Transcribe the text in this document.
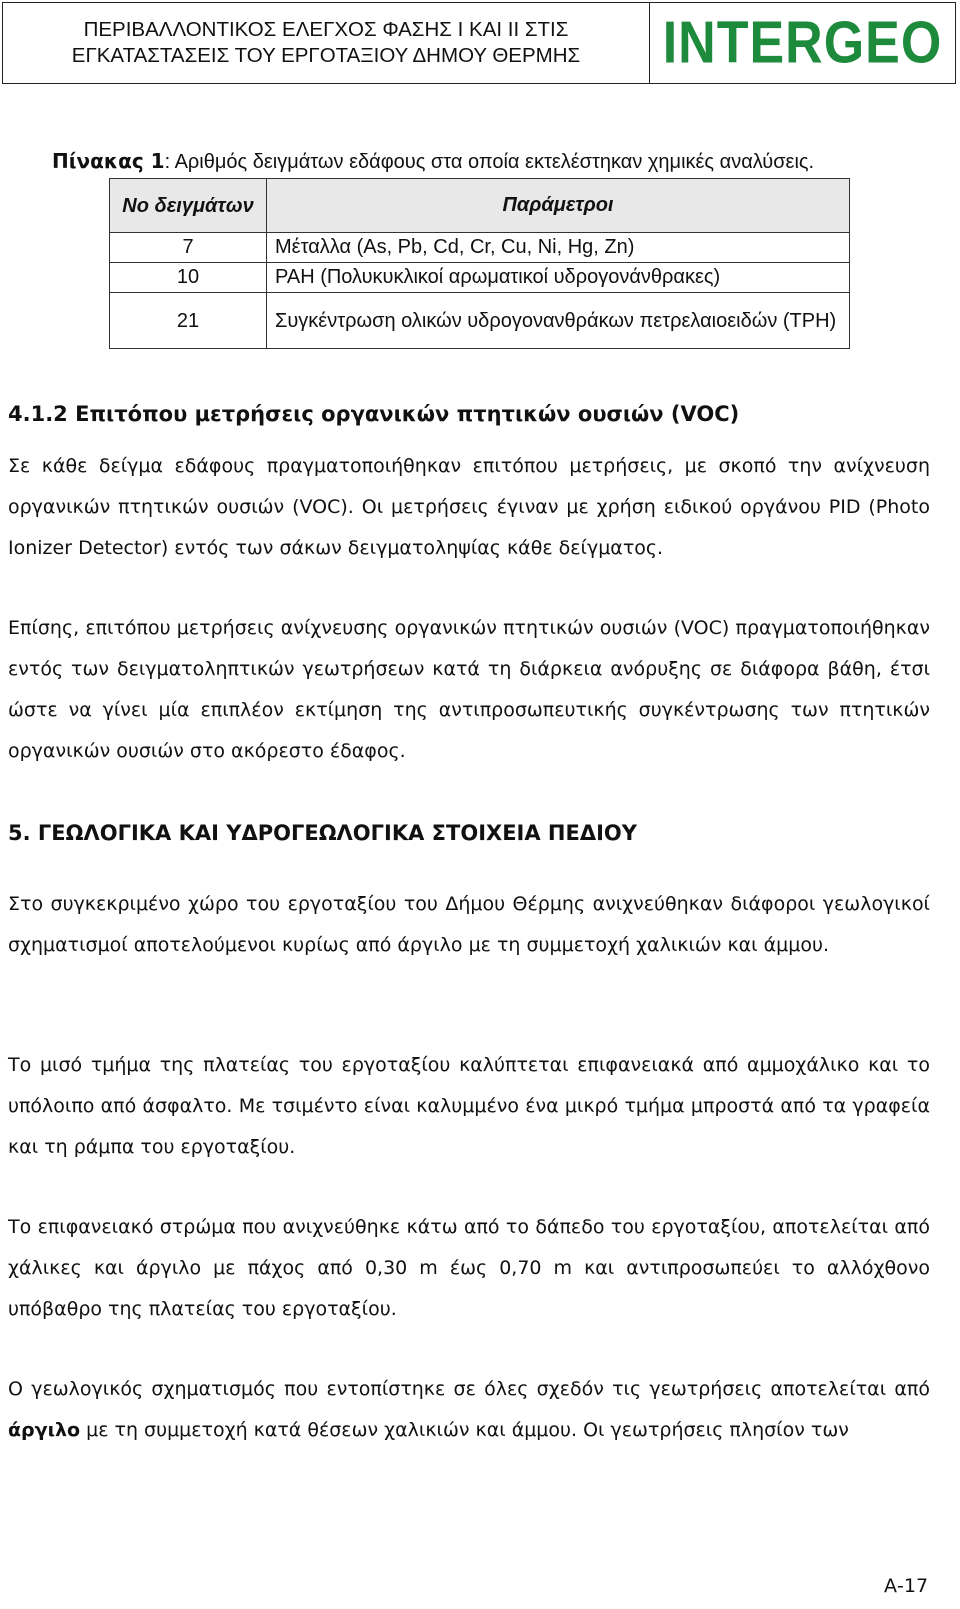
ΠΕΡΙΒΑΛΛΟΝΤΙΚΟΣ ΕΛΕΓΧΟΣ ΦΑΣΗΣ Ι ΚΑΙ ΙΙ ΣΤΙΣ
ΕΓΚΑΤΑΣΤΑΣΕΙΣ ΤΟΥ ΕΡΓΟΤΑΞΙΟΥ ΔΗΜΟΥ ΘΕΡΜΗΣ INTERGEO
Πίνακας 1: Αριθμός δειγμάτων εδάφους στα οποία εκτελέστηκαν χημικές αναλύσεις.
Νο δειγμάτων	Παράμετροι
7	Μέταλλα (As, Pb, Cd, Cr, Cu, Ni, Hg, Zn)
10	PAH (Πολυκυκλικοί αρωματικοί υδρογονάνθρακες)
21	Συγκέντρωση ολικών υδρογονανθράκων πετρελαιοειδών (TPH)
4.1.2 Επιτόπου μετρήσεις οργανικών πτητικών ουσιών (VOC)

Σε κάθε δείγμα εδάφους πραγματοποιήθηκαν επιτόπου μετρήσεις, με σκοπό την ανίχνευση οργανικών πτητικών ουσιών (VOC). Οι μετρήσεις έγιναν με χρήση ειδικού οργάνου PID (Photo Ionizer Detector) εντός των σάκων δειγματοληψίας κάθε δείγματος.

Επίσης, επιτόπου μετρήσεις ανίχνευσης οργανικών πτητικών ουσιών (VOC) πραγματοποιήθηκαν εντός των δειγματοληπτικών γεωτρήσεων κατά τη διάρκεια ανόρυξης σε διάφορα βάθη, έτσι ώστε να γίνει μία επιπλέον εκτίμηση της αντιπροσωπευτικής συγκέντρωσης των πτητικών οργανικών ουσιών στο ακόρεστο έδαφος.

5. ΓΕΩΛΟΓΙΚΑ ΚΑΙ ΥΔΡΟΓΕΩΛΟΓΙΚΑ ΣΤΟΙΧΕΙΑ ΠΕΔΙΟΥ

Στο συγκεκριμένο χώρο του εργοταξίου του Δήμου Θέρμης ανιχνεύθηκαν διάφοροι γεωλογικοί σχηματισμοί αποτελούμενοι κυρίως από άργιλο με τη συμμετοχή χαλικιών και άμμου.

Το μισό τμήμα της πλατείας του εργοταξίου καλύπτεται επιφανειακά από αμμοχάλικο και το υπόλοιπο από άσφαλτο. Με τσιμέντο είναι καλυμμένο ένα μικρό τμήμα μπροστά από τα γραφεία και τη ράμπα του εργοταξίου.

Το επιφανειακό στρώμα που ανιχνεύθηκε κάτω από το δάπεδο του εργοταξίου, αποτελείται από χάλικες και άργιλο με πάχος από 0,30 m έως 0,70 m και αντιπροσωπεύει το αλλόχθονο υπόβαθρο της πλατείας του εργοταξίου.

Ο γεωλογικός σχηματισμός που εντοπίστηκε σε όλες σχεδόν τις γεωτρήσεις αποτελείται από άργιλο με τη συμμετοχή κατά θέσεων χαλικιών και άμμου. Οι γεωτρήσεις πλησίον των

Α-17
